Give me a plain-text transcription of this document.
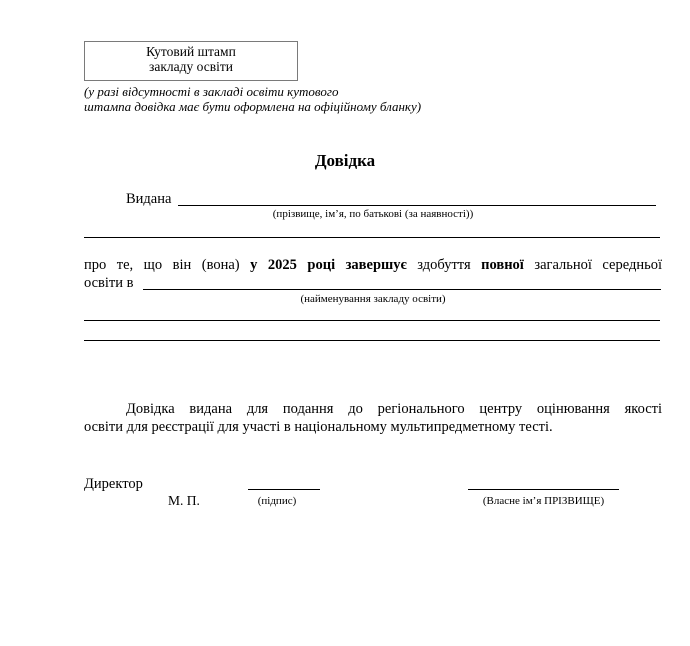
Кутовий штамп
закладу освіти
(у разі відсутності в закладі освіти кутового
штампа довідка має бути оформлена на офіційному бланку)
Довідка
Видана
(прізвище, ім’я, по батькові (за наявності))
про те, що він (вона) у 2025 році завершує здобуття повної загальної середньої
освіти в
(найменування закладу освіти)
Довідка видана для подання до регіонального центру оцінювання якості
освіти для реєстрації для участі в національному мультипредметному тесті.
Директор
М. П.	(підпис)	(Власне ім’я ПРІЗВИЩЕ)
